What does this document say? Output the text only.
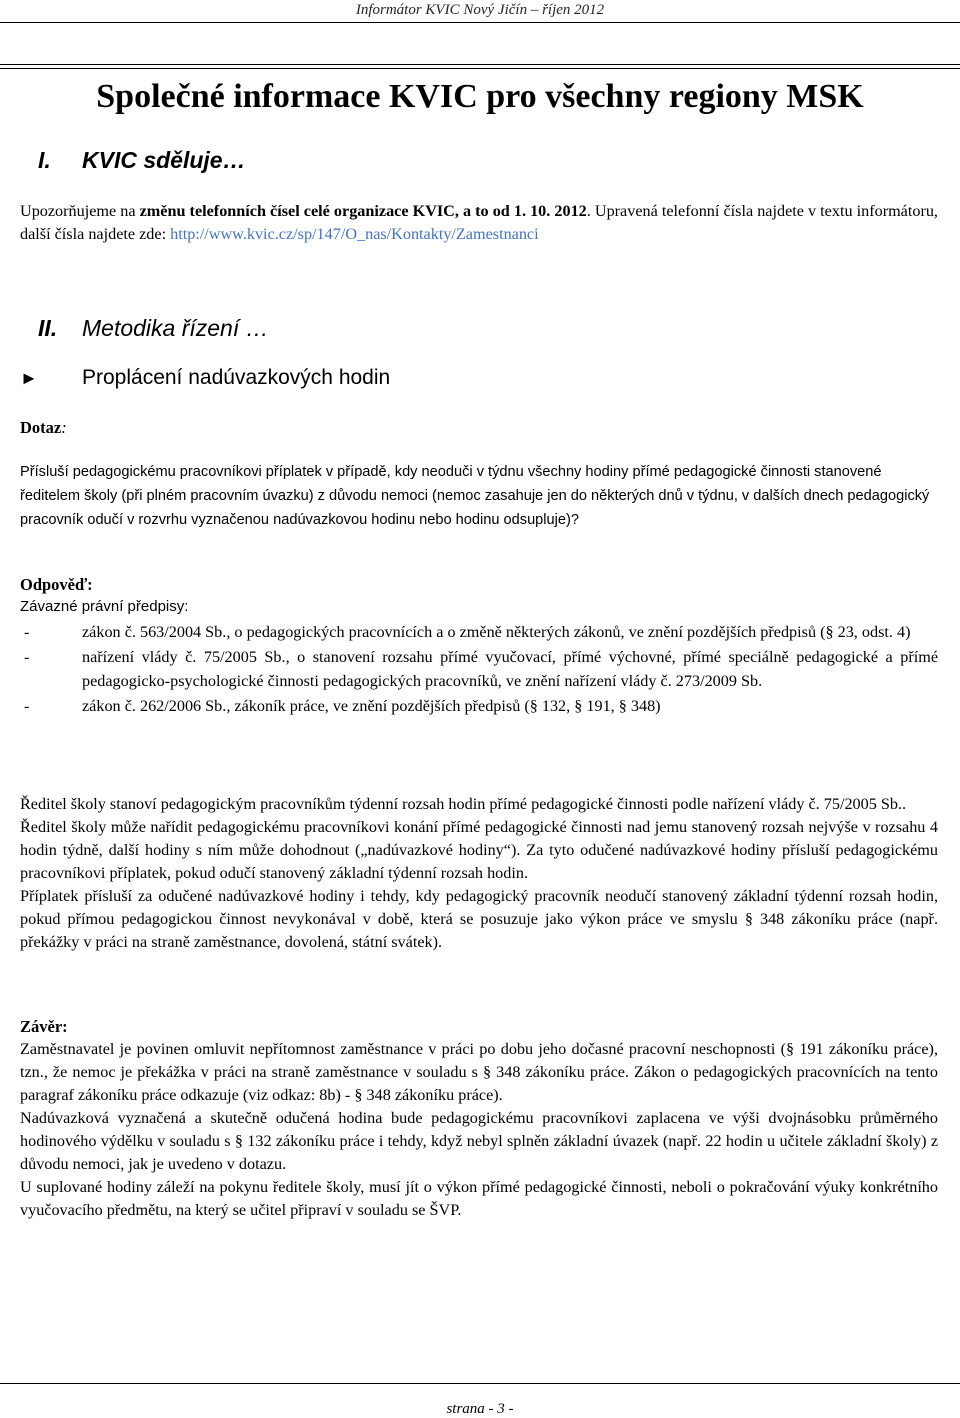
Informátor KVIC Nový Jičín – říjen 2012
Společné informace KVIC pro všechny regiony MSK
I. KVIC sděluje…

Upozorňujeme na změnu telefonních čísel celé organizace KVIC, a to od 1. 10. 2012. Upravená telefonní čísla najdete v textu informátoru, další čísla najdete zde: http://www.kvic.cz/sp/147/O_nas/Kontakty/Zamestnanci

II. Metodika řízení …
► Proplácení nadúvazkových hodin
Dotaz:

Přísluší pedagogickému pracovníkovi příplatek v případě, kdy neoduči v týdnu všechny hodiny přímé pedagogické činnosti stanovené ředitelem školy (při plném pracovním úvazku) z důvodu nemoci (nemoc zasahuje jen do některých dnů v týdnu, v dalších dnech pedagogický pracovník odučí v rozvrhu vyznačenou nadúvazkovou hodinu nebo hodinu odsupluje)?

Odpověď:
Závazné právní předpisy:
-	zákon č. 563/2004 Sb., o pedagogických pracovnících a o změně některých zákonů, ve znění pozdějších předpisů (§ 23, odst. 4)
-	nařízení vlády č. 75/2005 Sb., o stanovení rozsahu přímé vyučovací, přímé výchovné, přímé speciálně pedagogické a přímé pedagogicko-psychologické činnosti pedagogických pracovníků, ve znění nařízení vlády č. 273/2009 Sb.
-	zákon č. 262/2006 Sb., zákoník práce, ve znění pozdějších předpisů (§ 132, § 191, § 348)

Ředitel školy stanoví pedagogickým pracovníkům týdenní rozsah hodin přímé pedagogické činnosti podle nařízení vlády č. 75/2005 Sb..

Ředitel školy může nařídit pedagogickému pracovníkovi konání přímé pedagogické činnosti nad jemu stanovený rozsah nejvýše v rozsahu 4 hodin týdně, další hodiny s ním může dohodnout („nadúvazkové hodiny“). Za tyto odučené nadúvazkové hodiny přísluší pedagogickému pracovníkovi příplatek, pokud odučí stanovený základní týdenní rozsah hodin.

Příplatek přísluší za odučené nadúvazkové hodiny i tehdy, kdy pedagogický pracovník neodučí stanovený základní týdenní rozsah hodin, pokud přímou pedagogickou činnost nevykonával v době, která se posuzuje jako výkon práce ve smyslu § 348 zákoníku práce (např. překážky v práci na straně zaměstnance, dovolená, státní svátek).

Závěr:

Zaměstnavatel je povinen omluvit nepřítomnost zaměstnance v práci po dobu jeho dočasné pracovní neschopnosti (§ 191 zákoníku práce), tzn., že nemoc je překážka v práci na straně zaměstnance v souladu s § 348 zákoníku práce. Zákon o pedagogických pracovnících na tento paragraf zákoníku práce odkazuje (viz odkaz: 8b) - § 348 zákoníku práce).

Nadúvazková vyznačená a skutečně odučená hodina bude pedagogickému pracovníkovi zaplacena ve výši dvojnásobku průměrného hodinového výdělku v souladu s § 132 zákoníku práce i tehdy, když nebyl splněn základní úvazek (např. 22 hodin u učitele základní školy) z důvodu nemoci, jak je uvedeno v dotazu.

U suplované hodiny záleží na pokynu ředitele školy, musí jít o výkon přímé pedagogické činnosti, neboli o pokračování výuky konkrétního vyučovacího předmětu, na který se učitel připraví v souladu se ŠVP.

strana - 3 -
